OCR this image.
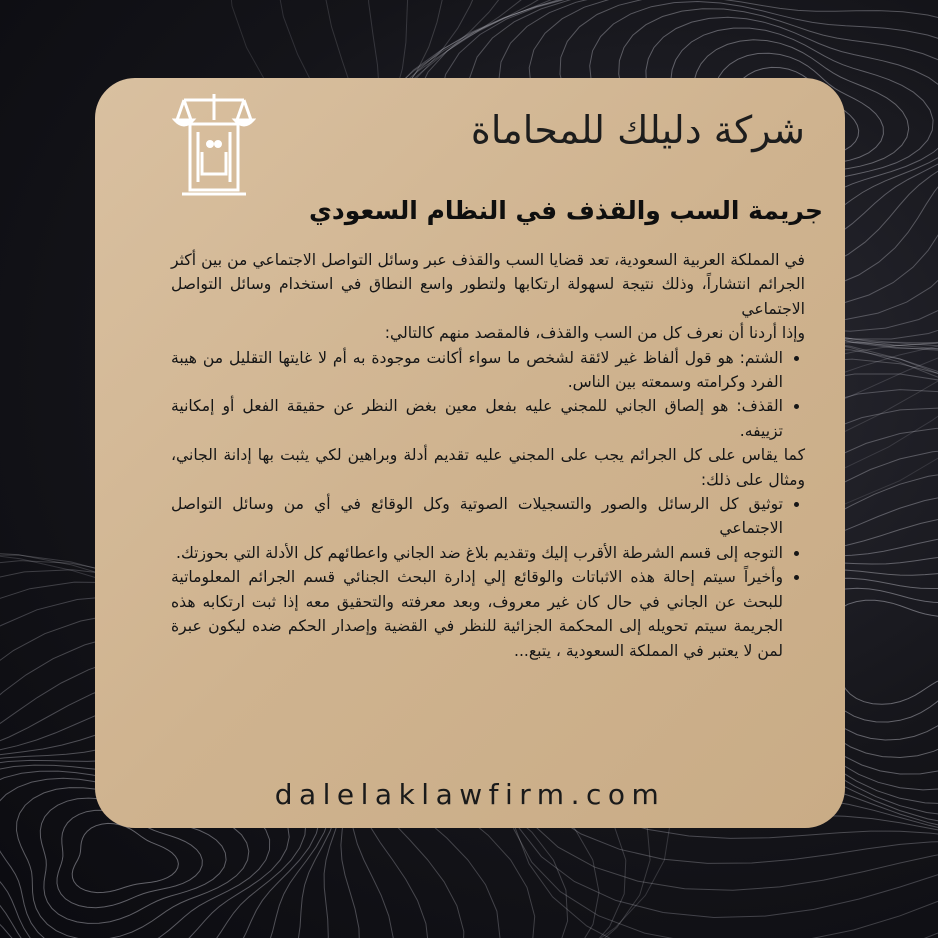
شركة دليلك للمحاماة
جريمة السب والقذف في النظام السعودي

في المملكة العربية السعودية، تعد قضايا السب والقذف عبر وسائل التواصل الاجتماعي من بين أكثر الجرائم انتشاراً، وذلك نتيجة لسهولة ارتكابها ولتطور واسع النطاق في استخدام وسائل التواصل الاجتماعي

وإذا أردنا أن نعرف كل من السب والقذف، فالمقصد منهم كالتالي:

• الشتم: هو قول ألفاظ غير لائقة لشخص ما سواء أكانت موجودة به أم لا غايتها التقليل من هيبة الفرد وكرامته وسمعته بين الناس.
• القذف: هو إلصاق الجاني للمجني عليه بفعل معين بغض النظر عن حقيقة الفعل أو إمكانية تزييفه.

كما يقاس على كل الجرائم يجب على المجني عليه تقديم أدلة وبراهين لكي يثبت بها إدانة الجاني، ومثال على ذلك:

• توثيق كل الرسائل والصور والتسجيلات الصوتية وكل الوقائع في أي من وسائل التواصل الاجتماعي
• التوجه إلى قسم الشرطة الأقرب إليك وتقديم بلاغ ضد الجاني واعطائهم كل الأدلة التي بحوزتك.
• وأخيراً سيتم إحالة هذه الاثباتات والوقائع إلي إدارة البحث الجنائي قسم الجرائم المعلوماتية للبحث عن الجاني في حال كان غير معروف، وبعد معرفته والتحقيق معه إذا ثبت ارتكابه هذه الجريمة سيتم تحويله إلى المحكمة الجزائية للنظر في القضية وإصدار الحكم ضده ليكون عبرة لمن لا يعتبر في المملكة السعودية ، يتبع...
dalelaklawfirm.com
